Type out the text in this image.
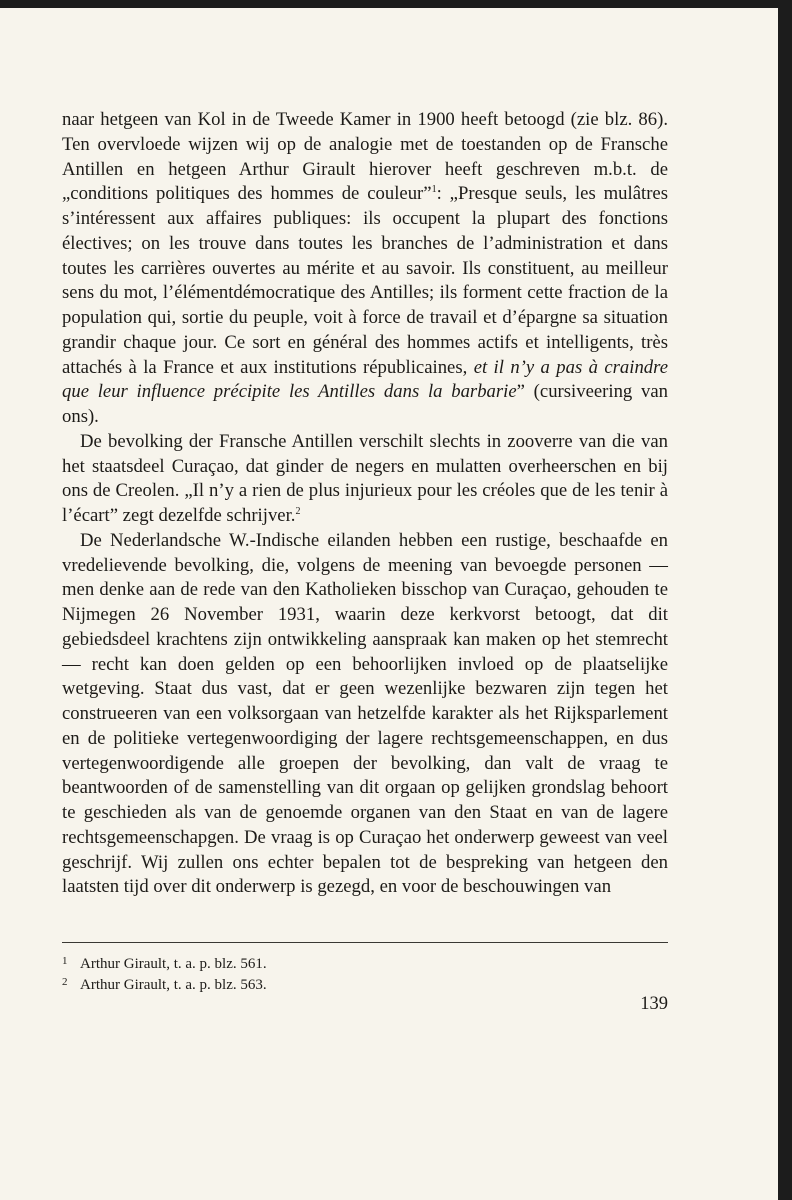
naar hetgeen van Kol in de Tweede Kamer in 1900 heeft betoogd (zie blz. 86). Ten overvloede wijzen wij op de analogie met de toestanden op de Fransche Antillen en hetgeen Arthur Girault hierover heeft geschreven m.b.t. de „conditions politiques des hommes de couleur”$^1$: „Presque seuls, les mulâtres s’intéressent aux affaires publiques: ils occupent la plupart des fonctions électives; on les trouve dans toutes les branches de l’administration et dans toutes les carrières ouvertes au mérite et au savoir. Ils constituent, au meilleur sens du mot, l’élémentdémocratique des Antilles; ils forment cette fraction de la population qui, sortie du peuple, voit à force de travail et d’épargne sa situation grandir chaque jour. Ce sort en général des hommes actifs et intelligents, très attachés à la France et aux institutions républicaines, et il n’y a pas à craindre que leur influence précipite les Antilles dans la barbarie” (cursiveering van ons).

De bevolking der Fransche Antillen verschilt slechts in zooverre van die van het staatsdeel Curaçao, dat ginder de negers en mulatten overheerschen en bij ons de Creolen. „Il n’y a rien de plus injurieux pour les créoles que de les tenir à l’écart” zegt dezelfde schrijver.$^2$

De Nederlandsche W.-Indische eilanden hebben een rustige, beschaafde en vredelievende bevolking, die, volgens de meening van bevoegde personen — men denke aan de rede van den Katholieken bisschop van Curaçao, gehouden te Nijmegen 26 November 1931, waarin deze kerkvorst betoogt, dat dit gebiedsdeel krachtens zijn ontwikkeling aanspraak kan maken op het stemrecht — recht kan doen gelden op een behoorlijken invloed op de plaatselijke wetgeving. Staat dus vast, dat er geen wezenlijke bezwaren zijn tegen het construeeren van een volksorgaan van hetzelfde karakter als het Rijksparlement en de politieke vertegenwoordiging der lagere rechtsgemeenschappen, en dus vertegenwoordigende alle groepen der bevolking, dan valt de vraag te beantwoorden of de samenstelling van dit orgaan op gelijken grondslag behoort te geschieden als van de genoemde organen van den Staat en van de lagere rechtsgemeenschapgen. De vraag is op Curaçao het onderwerp geweest van veel geschrijf. Wij zullen ons echter bepalen tot de bespreking van hetgeen den laatsten tijd over dit onderwerp is gezegd, en voor de beschouwingen van

1 Arthur Girault, t. a. p. blz. 561.
2 Arthur Girault, t. a. p. blz. 563.
139
